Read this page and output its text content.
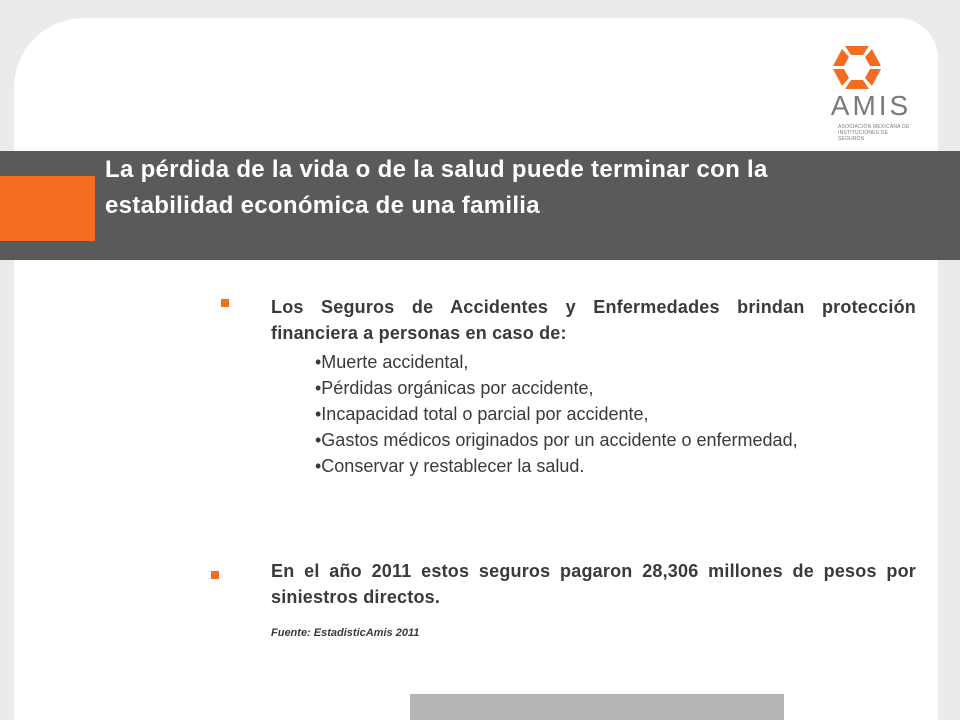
AMIS
ASOCIACIÓN MEXICANA DE INSTITUCIONES DE SEGUROS
La pérdida de la vida o de la salud puede terminar con la estabilidad económica de una familia

Los Seguros de Accidentes y Enfermedades brindan protección financiera a personas en caso de:

•Muerte accidental,
•Pérdidas orgánicas por accidente,
•Incapacidad total o parcial por accidente,
•Gastos médicos originados por un accidente o enfermedad,
•Conservar y restablecer la salud.

En el año 2011 estos seguros pagaron 28,306 millones de pesos por siniestros directos.

Fuente: EstadisticAmis 2011
